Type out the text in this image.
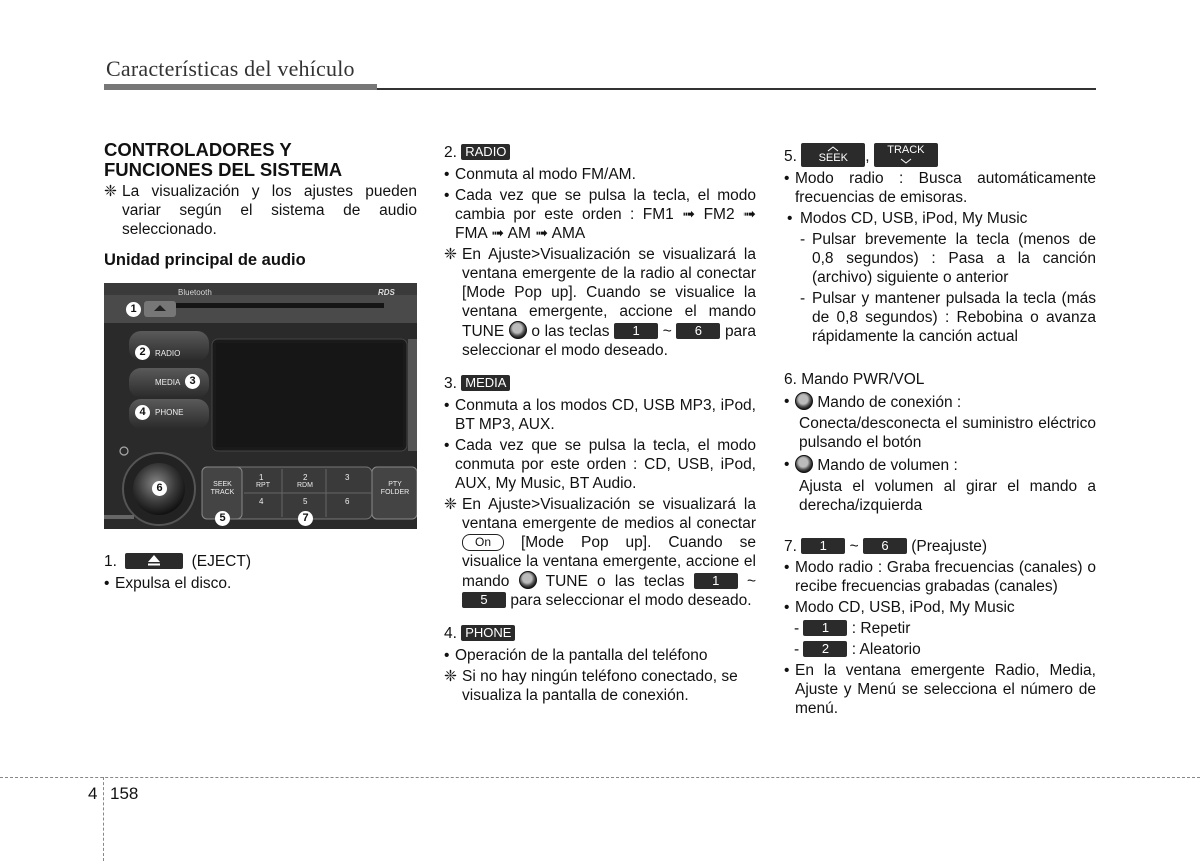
Características del vehículo

CONTROLADORES Y

FUNCIONES DEL SISTEMA

❈ La visualización y los ajustes pueden variar según el sistema de audio seleccionado.

Unidad principal de audio

Bluetooth	RDS
RADIO
MEDIA
PHONE
SEEK
TRACK
PTY
FOLDER
1	2	3
RPT	RDM
4	5	6
1
2
3
4
5
6
7

1.	(EJECT)

• Expulsa el disco.

2. RADIO

• Conmuta al modo FM/AM.

• Cada vez que se pulsa la tecla, el modo cambia por este orden : FM1 ➟ FM2 ➟ FMA ➟ AM ➟ AMA

❈ En Ajuste>Visualización se visualizará la ventana emergente de la radio al conectar [Mode Pop up]. Cuando se visualice la ventana emergente, accione el mando TUNE o las teclas 1 ~ 6 para seleccionar el modo deseado.

3. MEDIA

• Conmuta a los modos CD, USB MP3, iPod, BT MP3, AUX.

• Cada vez que se pulsa la tecla, el modo conmuta por este orden : CD, USB, iPod, AUX, My Music, BT Audio.

❈ En Ajuste>Visualización se visualizará la ventana emergente de medios al conectar On [Mode Pop up]. Cuando se visualice la ventana emergente, accione el mando TUNE o las teclas 1 ~ 5 para seleccionar el modo deseado.

4. PHONE

• Operación de la pantalla del teléfono

❈ Si no hay ningún teléfono conectado, se visualiza la pantalla de conexión.

5.	SEEK	,	TRACK

• Modo radio : Busca automáticamente frecuencias de emisoras.

• Modos CD, USB, iPod, My Music

- Pulsar brevemente la tecla (menos de 0,8 segundos) : Pasa a la canción (archivo) siguiente o anterior

- Pulsar y mantener pulsada la tecla (más de 0,8 segundos) : Rebobina o avanza rápidamente la canción actual

6. Mando PWR/VOL

• Mando de conexión :

Conecta/desconecta el suministro eléctrico pulsando el botón

• Mando de volumen :

Ajusta el volumen al girar el mando a derecha/izquierda

7. 1 ~ 6 (Preajuste)

• Modo radio : Graba frecuencias (canales) o recibe frecuencias grabadas (canales)

• Modo CD, USB, iPod, My Music

- 1 : Repetir

- 2 : Aleatorio

• En la ventana emergente Radio, Media, Ajuste y Menú se selecciona el número de menú.

4 158
